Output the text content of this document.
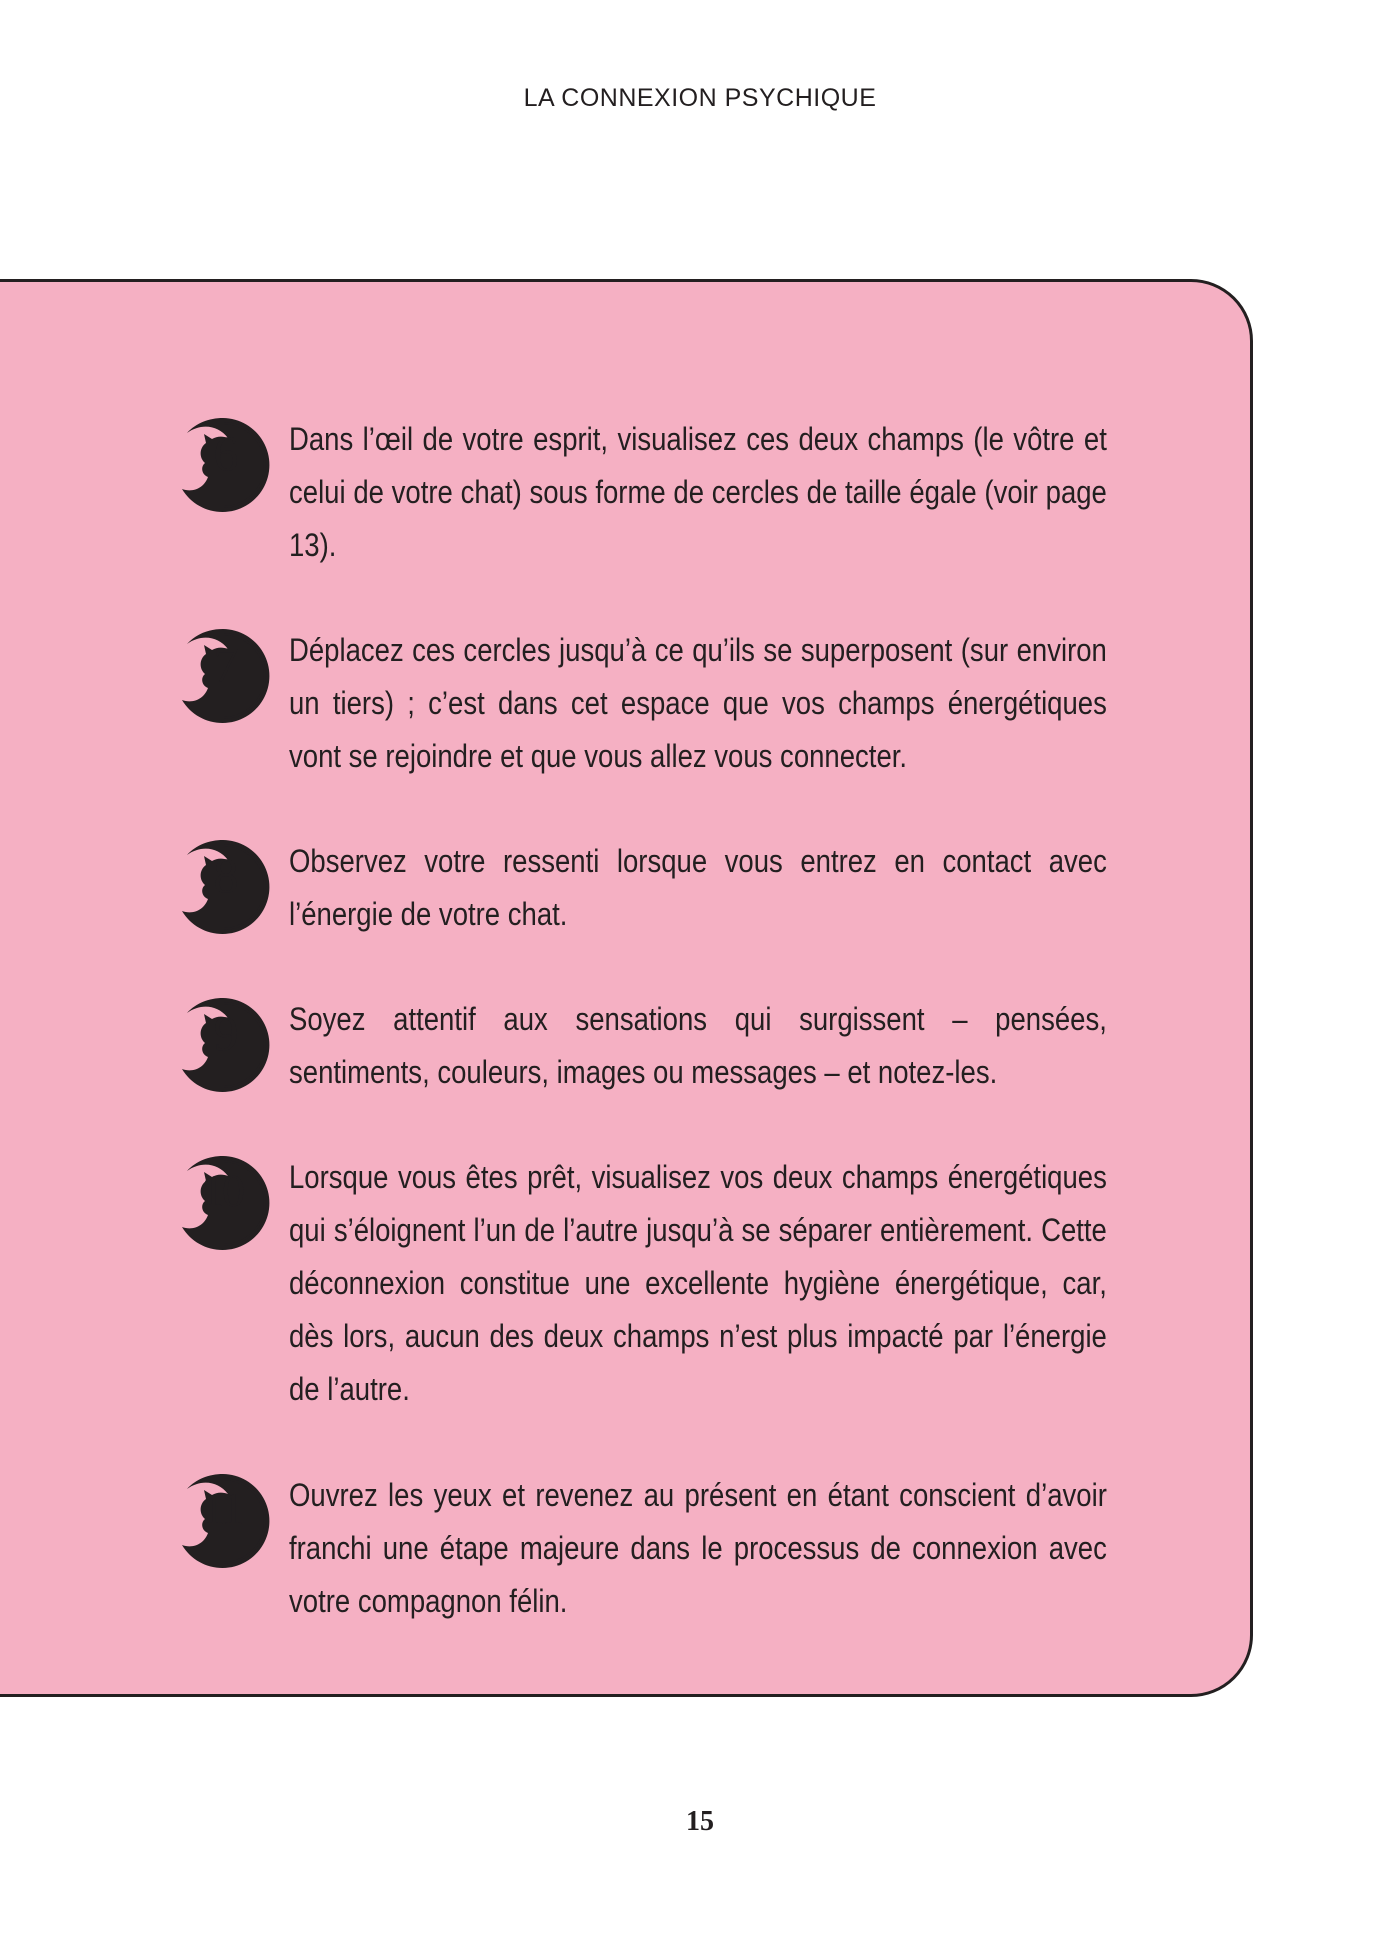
LA CONNEXION PSYCHIQUE
6	Dans l’œil de votre esprit, visualisez ces deux champs (le vôtre et celui de votre chat) sous forme de cercles de taille égale (voir page 13).
7	Déplacez ces cercles jusqu’à ce qu’ils se superposent (sur environ un tiers) ; c’est dans cet espace que vos champs énergétiques vont se rejoindre et que vous allez vous connecter.
8	Observez votre ressenti lorsque vous entrez en contact avec l’énergie de votre chat.
9	Soyez attentif aux sensations qui surgissent – pensées, sentiments, couleurs, images ou messages – et notez-les.
10	Lorsque vous êtes prêt, visualisez vos deux champs énergétiques qui s’éloignent l’un de l’autre jusqu’à se séparer entièrement. Cette déconnexion constitue une excellente hygiène énergétique, car, dès lors, aucun des deux champs n’est plus impacté par l’énergie de l’autre.
11	Ouvrez les yeux et revenez au présent en étant conscient d’avoir franchi une étape majeure dans le processus de connexion avec votre compagnon félin.
15
